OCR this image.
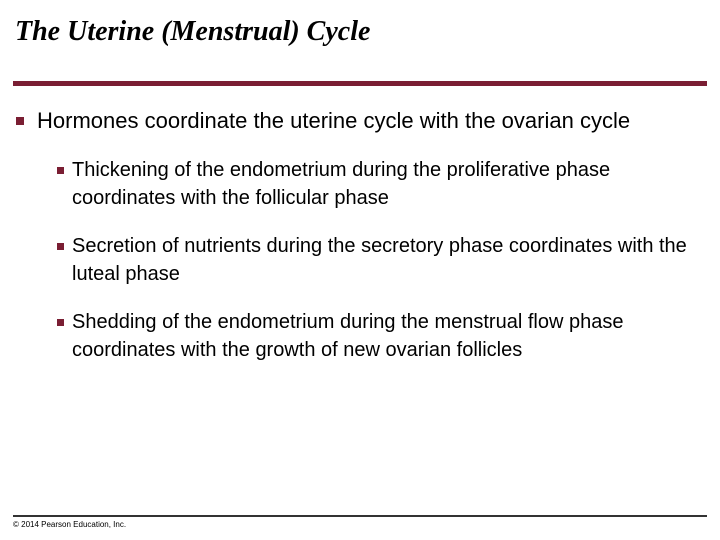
The Uterine (Menstrual) Cycle
Hormones coordinate the uterine cycle with the ovarian cycle
Thickening of the endometrium during the proliferative phase coordinates with the follicular phase
Secretion of nutrients during the secretory phase coordinates with the luteal phase
Shedding of the endometrium during the menstrual flow phase coordinates with the growth of new ovarian follicles
© 2014 Pearson Education, Inc.
